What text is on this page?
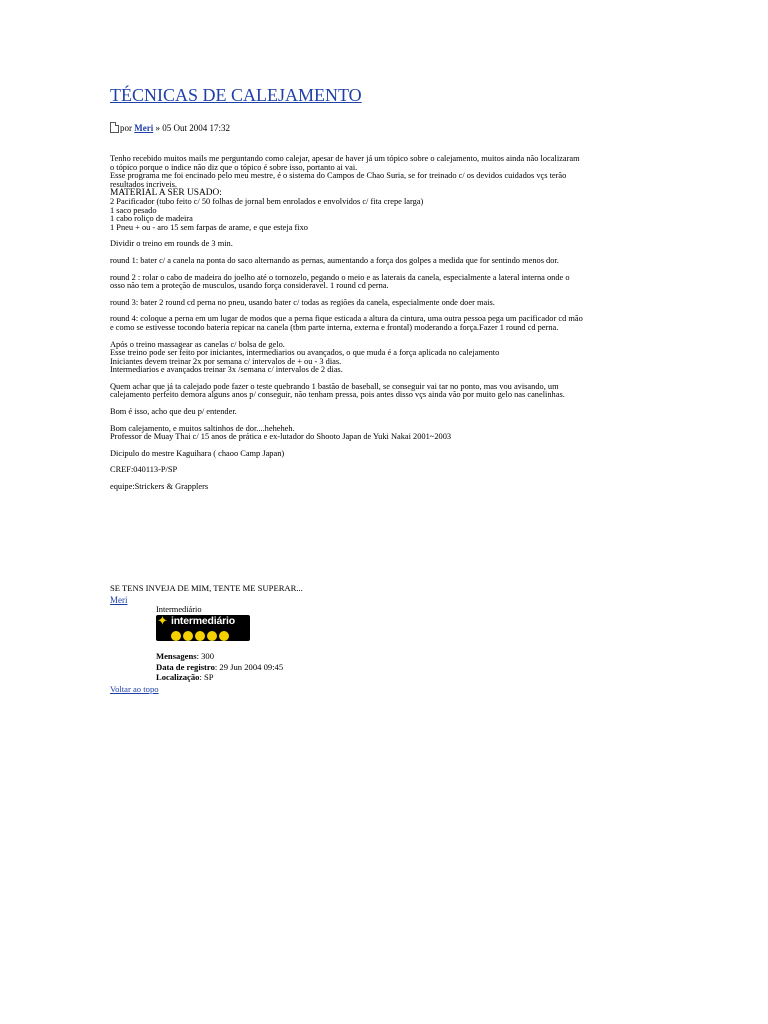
TÉCNICAS DE CALEJAMENTO
por Meri » 05 Out 2004 17:32
Tenho recebido muitos mails me perguntando como calejar, apesar de haver já um tópico sobre o calejamento, muitos ainda não localizaram
o tópico porque o indice não diz que o tópico é sobre isso, portanto ai vai.
Esse programa me foi encinado pelo meu mestre, é o sistema do Campos de Chao Suria, se for treinado c/ os devidos cuidados vçs terão
resultados incriveis.
MATERIAL A SER USADO:
2 Pacificador (tubo feito c/ 50 folhas de jornal bem enrolados e envolvidos c/ fita crepe larga)
1 saco pesado
1 cabo roliço de madeira
1 Pneu + ou - aro 15 sem farpas de arame, e que esteja fixo
Dividir o treino em rounds de 3 min.
round 1: bater c/ a canela na ponta do saco alternando as pernas, aumentando a força dos golpes a medida que for sentindo menos dor.
round 2 : rolar o cabo de madeira do joelho até o tornozelo, pegando o meio e as laterais da canela, especialmente a lateral interna onde o
osso não tem a proteção de musculos, usando força consideravel. 1 round cd perna.
round 3: bater 2 round cd perna no pneu, usando bater c/ todas as regiões da canela, especialmente onde doer mais.
round 4: coloque a perna em um lugar de modos que a perna fique esticada a altura da cintura, uma outra pessoa pega um pacificador cd mão
e como se estivesse tocondo bateria repicar na canela (tbm parte interna, externa e frontal) moderando a força.Fazer 1 round cd perna.
Após o treino massagear as canelas c/ bolsa de gelo.
Esse treino pode ser feito por iniciantes, intermediarios ou avançados, o que muda é a força aplicada no calejamento
Iniciantes devem treinar 2x por semana c/ intervalos de + ou - 3 dias.
Intermediarios e avançados treinar 3x /semana c/ intervalos de 2 dias.
Quem achar que já ta calejado pode fazer o teste quebrando 1 bastão de baseball, se conseguir vai tar no ponto, mas vou avisando, um
calejamento perfeito demora alguns anos p/ conseguir, não tenham pressa, pois antes disso vçs ainda vão por muito gelo nas canelinhas.
Bom é isso, acho que deu p/ entender.
Bom calejamento, e muitos saltinhos de dor....heheheh.
Professor de Muay Thai c/ 15 anos de prática e ex-lutador do Shooto Japan de Yuki Nakai 2001~2003
Dicipulo do mestre Kaguihara ( chaoo Camp Japan)
CREF:040113-P/SP
equipe:Strickers & Grapplers
SE TENS INVEJA DE MIM, TENTE ME SUPERAR...
Meri
Intermediário
✦ intermediário
Mensagens: 300
Data de registro: 29 Jun 2004 09:45
Localização: SP
Voltar ao topo
